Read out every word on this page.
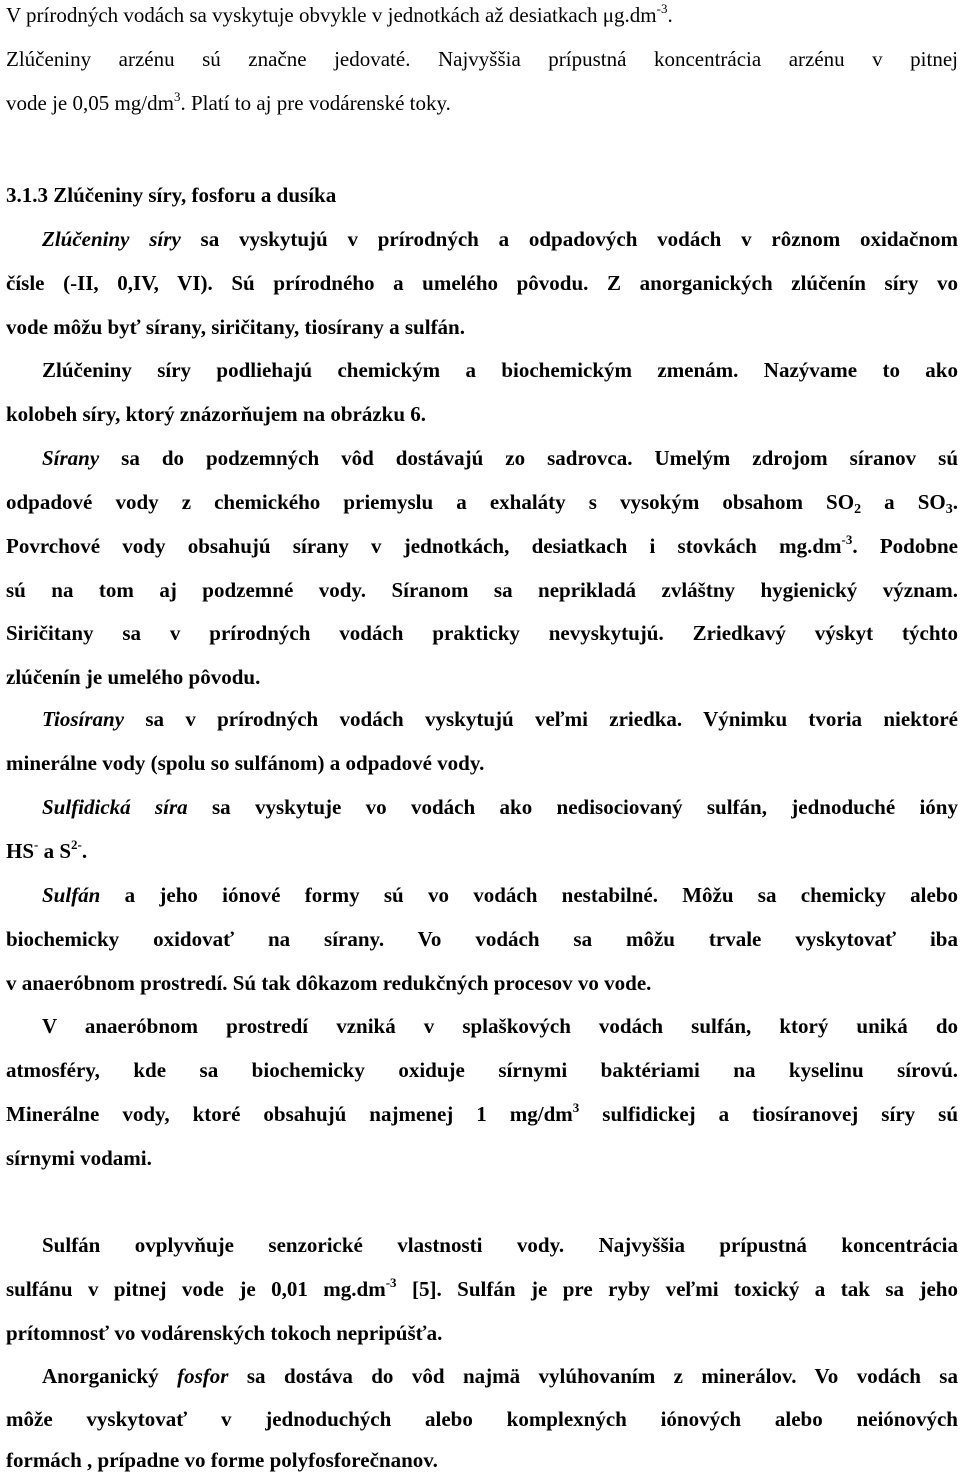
V prírodných vodách sa vyskytuje obvykle v jednotkách až desiatkach $\mu g.dm^{-3}$.
Zlúčeniny arzénu sú značne jedovaté. Najvyššia prípustná koncentrácia arzénu v pitnej
vode je 0,05 $mg/dm^3$. Platí to aj pre vodárenské toky.
3.1.3 Zlúčeniny síry, fosforu a dusíka
Zlúčeniny síry sa vyskytujú v prírodných a odpadových vodách v rôznom oxidačnom
čísle (-II, 0,IV, VI). Sú prírodného a umelého pôvodu. Z anorganických zlúčenín síry vo
vode môžu byť sírany, siričitany, tiosírany a sulfán.
Zlúčeniny síry podliehajú chemickým a biochemickým zmenám. Nazývame to ako
kolobeh síry, ktorý znázorňujem na obrázku 6.
Sírany sa do podzemných vôd dostávajú zo sadrovca. Umelým zdrojom síranov sú
odpadové vody z chemického priemyslu a exhaláty s vysokým obsahom $SO_2$ a $SO_3$.
Povrchové vody obsahujú sírany v jednotkách, desiatkach i stovkách $mg.dm^{-3}$. Podobne
sú na tom aj podzemné vody. Síranom sa neprikladá zvláštny hygienický význam.
Siričitany sa v prírodných vodách prakticky nevyskytujú. Zriedkavý výskyt týchto
zlúčenín je umelého pôvodu.
Tiosírany sa v prírodných vodách vyskytujú veľmi zriedka. Výnimku tvoria niektoré
minerálne vody (spolu so sulfánom) a odpadové vody.
Sulfidická síra sa vyskytuje vo vodách ako nedisociovaný sulfán, jednoduché ióny
HS- a $S^{2-}$.
Sulfán a jeho iónové formy sú vo vodách nestabilné. Môžu sa chemicky alebo
biochemicky oxidovať na sírany. Vo vodách sa môžu trvale vyskytovať iba
v anaeróbnom prostredí. Sú tak dôkazom redukčných procesov vo vode.
V anaeróbnom prostredí vzniká v splaškových vodách sulfán, ktorý uniká do
atmosféry, kde sa biochemicky oxiduje sírnymi baktériami na kyselinu sírovú.
Minerálne vody, ktoré obsahujú najmenej 1 $mg/dm^3$ sulfidickej a tiosíranovej síry sú
sírnymi vodami.
Sulfán ovplyvňuje senzorické vlastnosti vody. Najvyššia prípustná koncentrácia
sulfánu v pitnej vode je 0,01 $mg.dm^{-3}$ [5]. Sulfán je pre ryby veľmi toxický a tak sa jeho
prítomnosť vo vodárenských tokoch nepripúšťa.
Anorganický fosfor sa dostáva do vôd najmä vylúhovaním z minerálov. Vo vodách sa
môže vyskytovať v jednoduchých alebo komplexných iónových alebo neiónových
formách , prípadne vo forme polyfosforečnanov.
